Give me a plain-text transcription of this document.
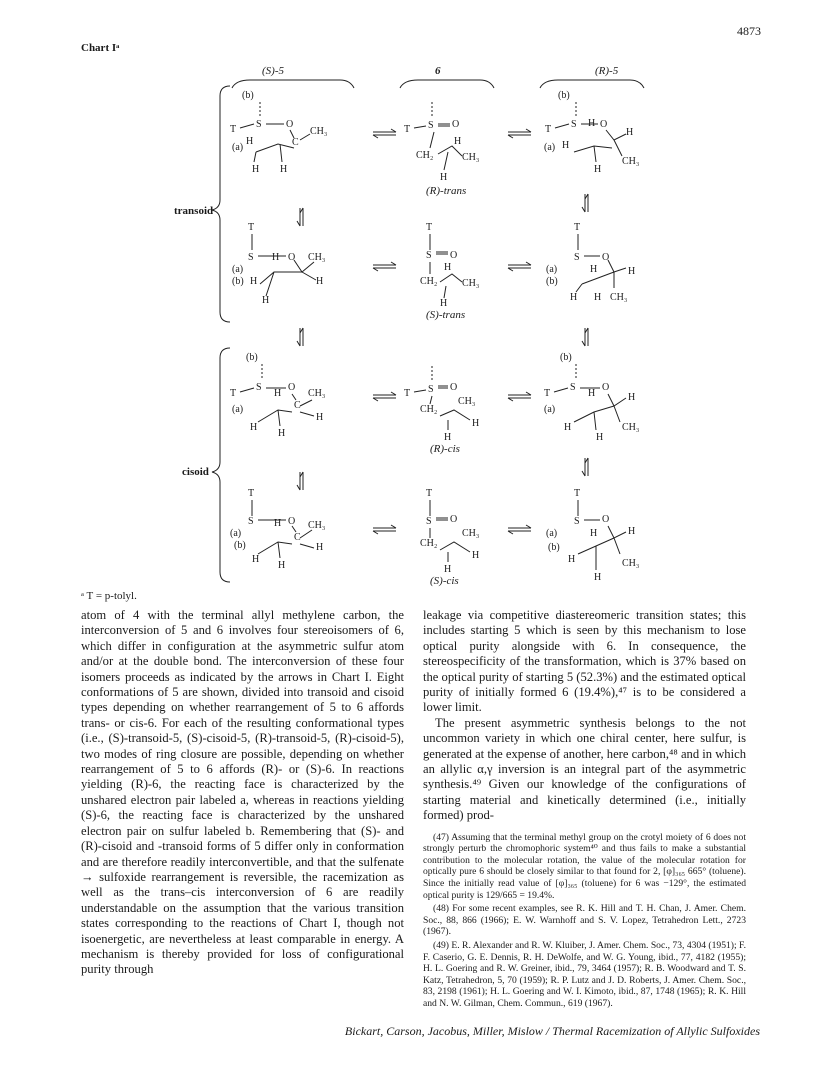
4873
Chart Iᵃ
(S)-5	6	(R)-5
transoid
cisoid
(b)
T S O
(a)
H	C
CH₃
H H
T S O
H
CH₂	CH₃
H
(R)-trans
(b)
T S O
H
(a) H
H
CH₃
H
T
S H O CH₃
(a)
(b) H	H
H
T
S O
H
CH₂ CH₃
H
(S)-trans
T
S O
(a)	H
(b)
H
H H CH₃
(b)
T
S
H
O
CH₃
(a)	C
H
H
H
T S O
CH₃
CH₂
H
H
(R)-cis
(b)
T
S
H
O
(a)
H
H	CH₃
H
T
S H O CH₃
(a)
(b)
C
H
H
H
T
S O
CH₃
CH₂
H
H
(S)-cis
T
S O
(a)	H	H
(b)
H	CH₃
H
ᵃ T = p-tolyl.

atom of 4 with the terminal allyl methylene carbon, the interconversion of 5 and 6 involves four stereoisomers of 6, which differ in configuration at the asymmetric sulfur atom and/or at the double bond. The interconversion of these four isomers proceeds as indicated by the arrows in Chart I. Eight conformations of 5 are shown, divided into transoid and cisoid types depending on whether rearrangement of 5 to 6 affords trans- or cis-6. For each of the resulting conformational types (i.e., (S)-transoid-5, (S)-cisoid-5, (R)-transoid-5, (R)-cisoid-5), two modes of ring closure are possible, depending on whether rearrangement of 5 to 6 affords (R)- or (S)-6. In reactions yielding (R)-6, the reacting face is characterized by the unshared electron pair labeled a, whereas in reactions yielding (S)-6, the reacting face is characterized by the unshared electron pair on sulfur labeled b. Remembering that (S)- and (R)-cisoid and -transoid forms of 5 differ only in conformation and are therefore readily interconvertible, and that the sulfenate → sulfoxide rearrangement is reversible, the racemization as well as the trans–cis interconversion of 6 are readily understandable on the assumption that the various transition states corresponding to the reactions of Chart I, though not isoenergetic, are nevertheless at least comparable in energy. A mechanism is thereby provided for loss of configurational purity through

leakage via competitive diastereomeric transition states; this includes starting 5 which is seen by this mechanism to lose optical purity alongside with 6. In consequence, the stereospecificity of the transformation, which is 37% based on the optical purity of starting 5 (52.3%) and the estimated optical purity of initially formed 6 (19.4%),⁴⁷ is to be considered a lower limit.

The present asymmetric synthesis belongs to the not uncommon variety in which one chiral center, here sulfur, is generated at the expense of another, here carbon,⁴⁸ and in which an allylic α,γ inversion is an integral part of the asymmetric synthesis.⁴⁹ Given our knowledge of the configurations of starting material and kinetically determined (i.e., initially formed) prod-

(47) Assuming that the terminal methyl group on the crotyl moiety of 6 does not strongly perturb the chromophoric system⁴⁰ and thus fails to make a substantial contribution to the molecular rotation, the value of the molecular rotation for optically pure 6 should be closely similar to that found for 2, [φ]₃₆₅ 665° (toluene). Since the initially read value of [φ]₃₆₅ (toluene) for 6 was −129°, the estimated optical purity is 129/665 = 19.4%.

(48) For some recent examples, see R. K. Hill and T. H. Chan, J. Amer. Chem. Soc., 88, 866 (1966); E. W. Warnhoff and S. V. Lopez, Tetrahedron Lett., 2723 (1967).

(49) E. R. Alexander and R. W. Kluiber, J. Amer. Chem. Soc., 73, 4304 (1951); F. F. Caserio, G. E. Dennis, R. H. DeWolfe, and W. G. Young, ibid., 77, 4182 (1955); H. L. Goering and R. W. Greiner, ibid., 79, 3464 (1957); R. B. Woodward and T. S. Katz, Tetrahedron, 5, 70 (1959); R. P. Lutz and J. D. Roberts, J. Amer. Chem. Soc., 83, 2198 (1961); H. L. Goering and W. I. Kimoto, ibid., 87, 1748 (1965); R. K. Hill and N. W. Gilman, Chem. Commun., 619 (1967).

Bickart, Carson, Jacobus, Miller, Mislow / Thermal Racemization of Allylic Sulfoxides
